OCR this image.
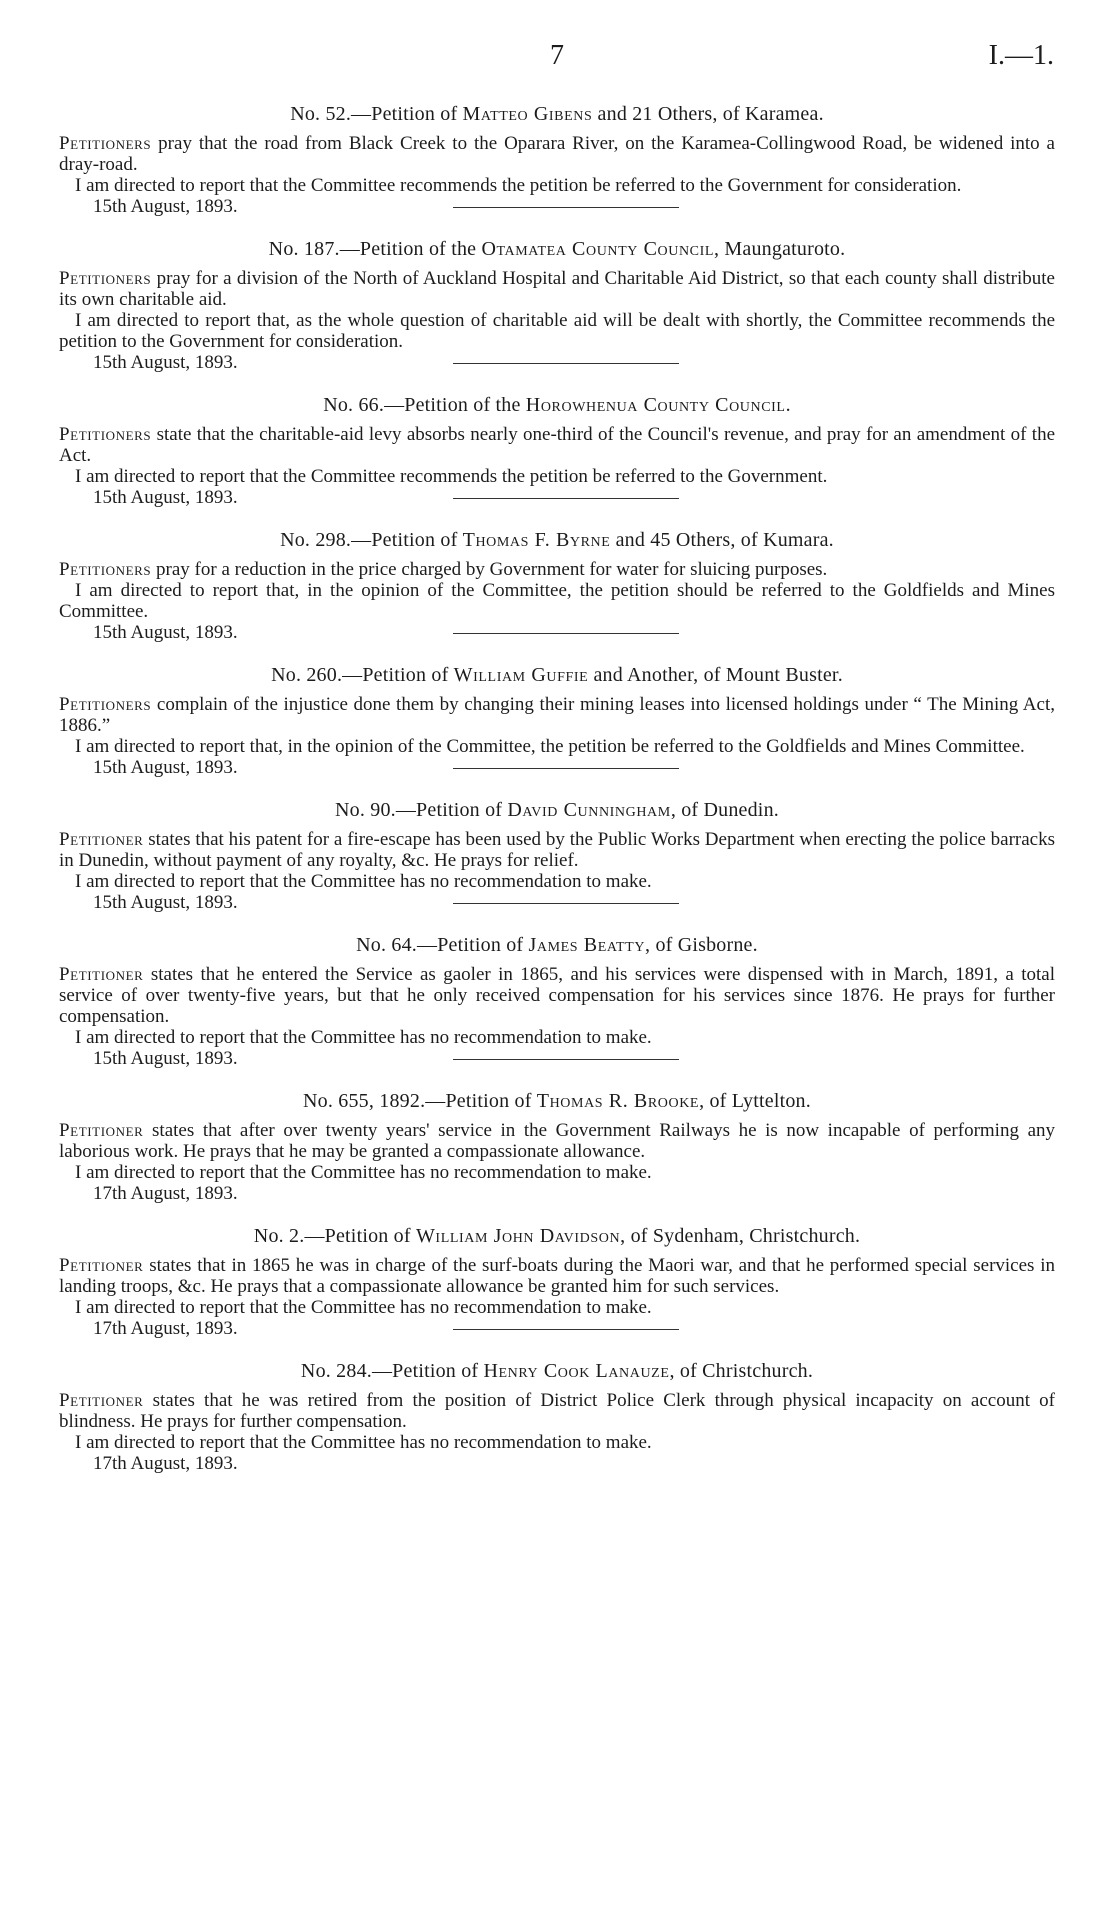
7	I.—1.

No. 52.—Petition of Matteo Gibens and 21 Others, of Karamea.

Petitioners pray that the road from Black Creek to the Oparara River, on the Karamea-Collingwood Road, be widened into a dray-road.

I am directed to report that the Committee recommends the petition be referred to the Government for consideration.

15th August, 1893.

No. 187.—Petition of the Otamatea County Council, Maungaturoto.

Petitioners pray for a division of the North of Auckland Hospital and Charitable Aid District, so that each county shall distribute its own charitable aid.

I am directed to report that, as the whole question of charitable aid will be dealt with shortly, the Committee recommends the petition to the Government for consideration.

15th August, 1893.

No. 66.—Petition of the Horowhenua County Council.

Petitioners state that the charitable-aid levy absorbs nearly one-third of the Council's revenue, and pray for an amendment of the Act.

I am directed to report that the Committee recommends the petition be referred to the Government.

15th August, 1893.

No. 298.—Petition of Thomas F. Byrne and 45 Others, of Kumara.

Petitioners pray for a reduction in the price charged by Government for water for sluicing purposes.

I am directed to report that, in the opinion of the Committee, the petition should be referred to the Goldfields and Mines Committee.

15th August, 1893.

No. 260.—Petition of William Guffie and Another, of Mount Buster.

Petitioners complain of the injustice done them by changing their mining leases into licensed holdings under “ The Mining Act, 1886.”

I am directed to report that, in the opinion of the Committee, the petition be referred to the Goldfields and Mines Committee.

15th August, 1893.

No. 90.—Petition of David Cunningham, of Dunedin.

Petitioner states that his patent for a fire-escape has been used by the Public Works Department when erecting the police barracks in Dunedin, without payment of any royalty, &c. He prays for relief.

I am directed to report that the Committee has no recommendation to make.

15th August, 1893.

No. 64.—Petition of James Beatty, of Gisborne.

Petitioner states that he entered the Service as gaoler in 1865, and his services were dispensed with in March, 1891, a total service of over twenty-five years, but that he only received compensation for his services since 1876. He prays for further compensation.

I am directed to report that the Committee has no recommendation to make.

15th August, 1893.

No. 655, 1892.—Petition of Thomas R. Brooke, of Lyttelton.

Petitioner states that after over twenty years' service in the Government Railways he is now incapable of performing any laborious work. He prays that he may be granted a compassionate allowance.

I am directed to report that the Committee has no recommendation to make.

17th August, 1893.

No. 2.—Petition of William John Davidson, of Sydenham, Christchurch.

Petitioner states that in 1865 he was in charge of the surf-boats during the Maori war, and that he performed special services in landing troops, &c. He prays that a compassionate allowance be granted him for such services.

I am directed to report that the Committee has no recommendation to make.

17th August, 1893.

No. 284.—Petition of Henry Cook Lanauze, of Christchurch.

Petitioner states that he was retired from the position of District Police Clerk through physical incapacity on account of blindness. He prays for further compensation.

I am directed to report that the Committee has no recommendation to make.

17th August, 1893.
